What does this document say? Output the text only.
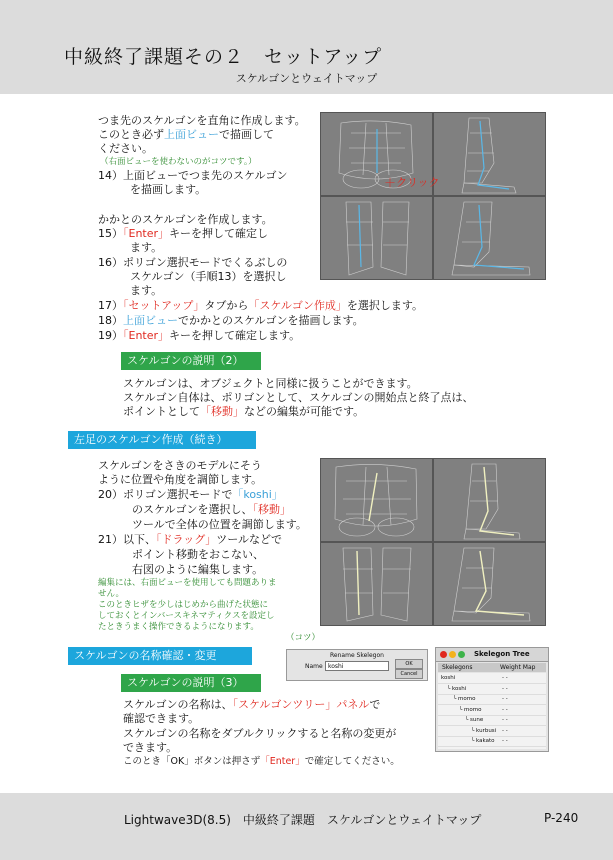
中級終了課題その２　セットアップ
スケルゴンとウェイトマップ
つま先のスケルゴンを直角に作成します。
このとき必ず上面ビューで描画して
ください。
（右面ビューを使わないのがコツです。）
14）上面ビューでつま先のスケルゴン
を描画します。
かかとのスケルゴンを作成します。
15）「Enter」キーを押して確定し
ます。
16）ポリゴン選択モードでくるぶしの
スケルゴン（手順13）を選択し
ます。
17）「セットアップ」タブから「スケルゴン作成」を選択します。
18）上面ビューでかかとのスケルゴンを描画します。
19）「Enter」キーを押して確定します。
＋ クリック
スケルゴンの説明（2）
スケルゴンは、オブジェクトと同様に扱うことができます。
スケルゴン自体は、ポリゴンとして、スケルゴンの開始点と終了点は、
ポイントとして「移動」などの編集が可能です。
左足のスケルゴン作成（続き）
スケルゴンをさきのモデルにそう
ように位置や角度を調節します。
20）ポリゴン選択モードで「koshi」
のスケルゴンを選択し、「移動」
ツールで全体の位置を調節します。
21）以下、「ドラッグ」ツールなどで
ポイント移動をおこない、
右図のように編集します。
編集には、右面ビューを使用しても問題ありま
せん。
このときヒザを少しはじめから曲げた状態に
しておくとインバースキネマティクスを設定し
たときうまく操作できるようになります。
（コツ）
スケルゴンの名称確認・変更	Rename Skelegon
Name koshi	OK
Cancel
Skelegon Tree
Skelegons	Weight Map
koshi	- -
└ koshi	- -
└ momo	- -
└ momo	- -
└ sune	- -
└ kurbusi - -
└ kakato - -
スケルゴンの説明（3）
スケルゴンの名称は、「スケルゴンツリー」パネルで
確認できます。
スケルゴンの名称をダブルクリックすると名称の変更が
できます。
このとき「OK」ボタンは押さず「Enter」で確定してください。
Lightwave3D(8.5)　中級終了課題　スケルゴンとウェイトマップ	P-240
